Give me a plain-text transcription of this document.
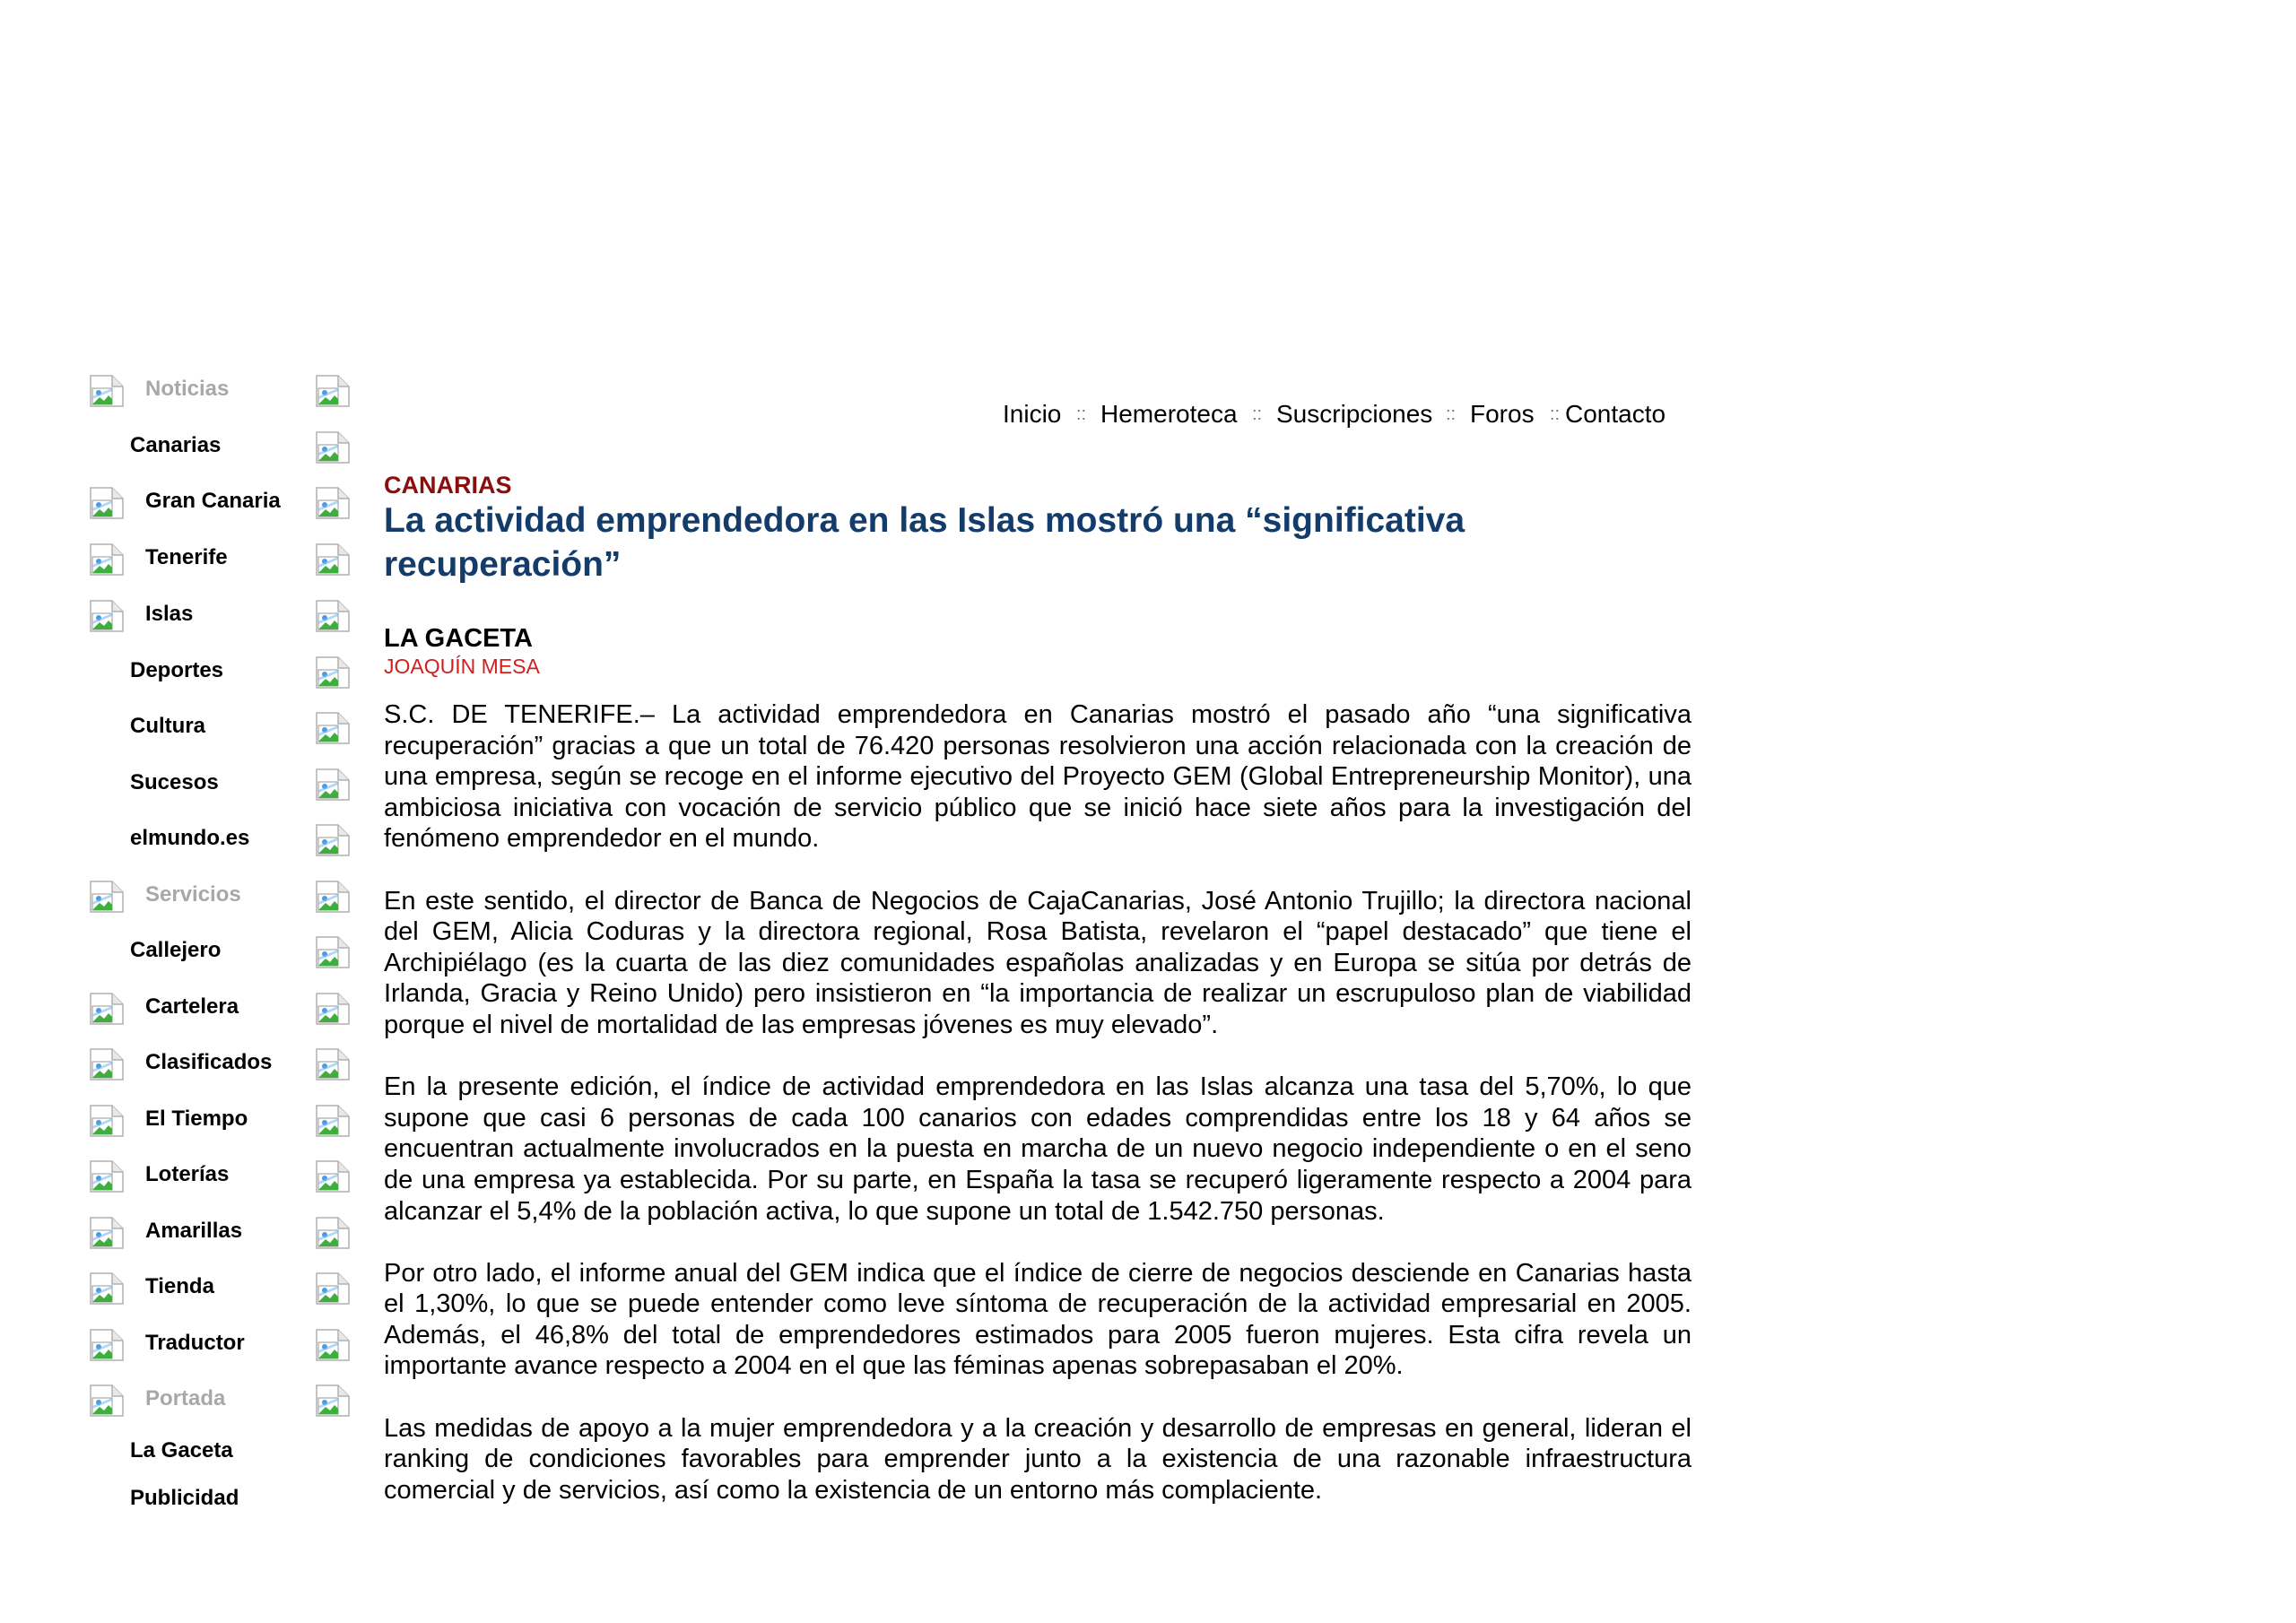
Noticias
Canarias
Gran Canaria
Tenerife
Islas
Deportes
Cultura
Sucesos
elmundo.es
Servicios
Callejero
Cartelera
Clasificados
El Tiempo
Loterías
Amarillas
Tienda
Traductor
Portada
La Gaceta
Publicidad
Inicio :: Hemeroteca :: Suscripciones :: Foros :: Contacto
CANARIAS
La actividad emprendedora en las Islas mostró una “significativa recuperación”
LA GACETA
JOAQUÍN MESA

S.C. DE TENERIFE.– La actividad emprendedora en Canarias mostró el pasado año “una significativa recuperación” gracias a que un total de 76.420 personas resolvieron una acción relacionada con la creación de una empresa, según se recoge en el informe ejecutivo del Proyecto GEM (Global Entrepreneurship Monitor), una ambiciosa iniciativa con vocación de servicio público que se inició hace siete años para la investigación del fenómeno emprendedor en el mundo.

En este sentido, el director de Banca de Negocios de CajaCanarias, José Antonio Trujillo; la directora nacional del GEM, Alicia Coduras y la directora regional, Rosa Batista, revelaron el “papel destacado” que tiene el Archipiélago (es la cuarta de las diez comunidades españolas analizadas y en Europa se sitúa por detrás de Irlanda, Gracia y Reino Unido) pero insistieron en “la importancia de realizar un escrupuloso plan de viabilidad porque el nivel de mortalidad de las empresas jóvenes es muy elevado”.

En la presente edición, el índice de actividad emprendedora en las Islas alcanza una tasa del 5,70%, lo que supone que casi 6 personas de cada 100 canarios con edades comprendidas entre los 18 y 64 años se encuentran actualmente involucrados en la puesta en marcha de un nuevo negocio independiente o en el seno de una empresa ya establecida. Por su parte, en España la tasa se recuperó ligeramente respecto a 2004 para alcanzar el 5,4% de la población activa, lo que supone un total de 1.542.750 personas.

Por otro lado, el informe anual del GEM indica que el índice de cierre de negocios desciende en Canarias hasta el 1,30%, lo que se puede entender como leve síntoma de recuperación de la actividad empresarial en 2005. Además, el 46,8% del total de emprendedores estimados para 2005 fueron mujeres. Esta cifra revela un importante avance respecto a 2004 en el que las féminas apenas sobrepasaban el 20%.

Las medidas de apoyo a la mujer emprendedora y a la creación y desarrollo de empresas en general, lideran el ranking de condiciones favorables para emprender junto a la existencia de una razonable infraestructura comercial y de servicios, así como la existencia de un entorno más complaciente.
